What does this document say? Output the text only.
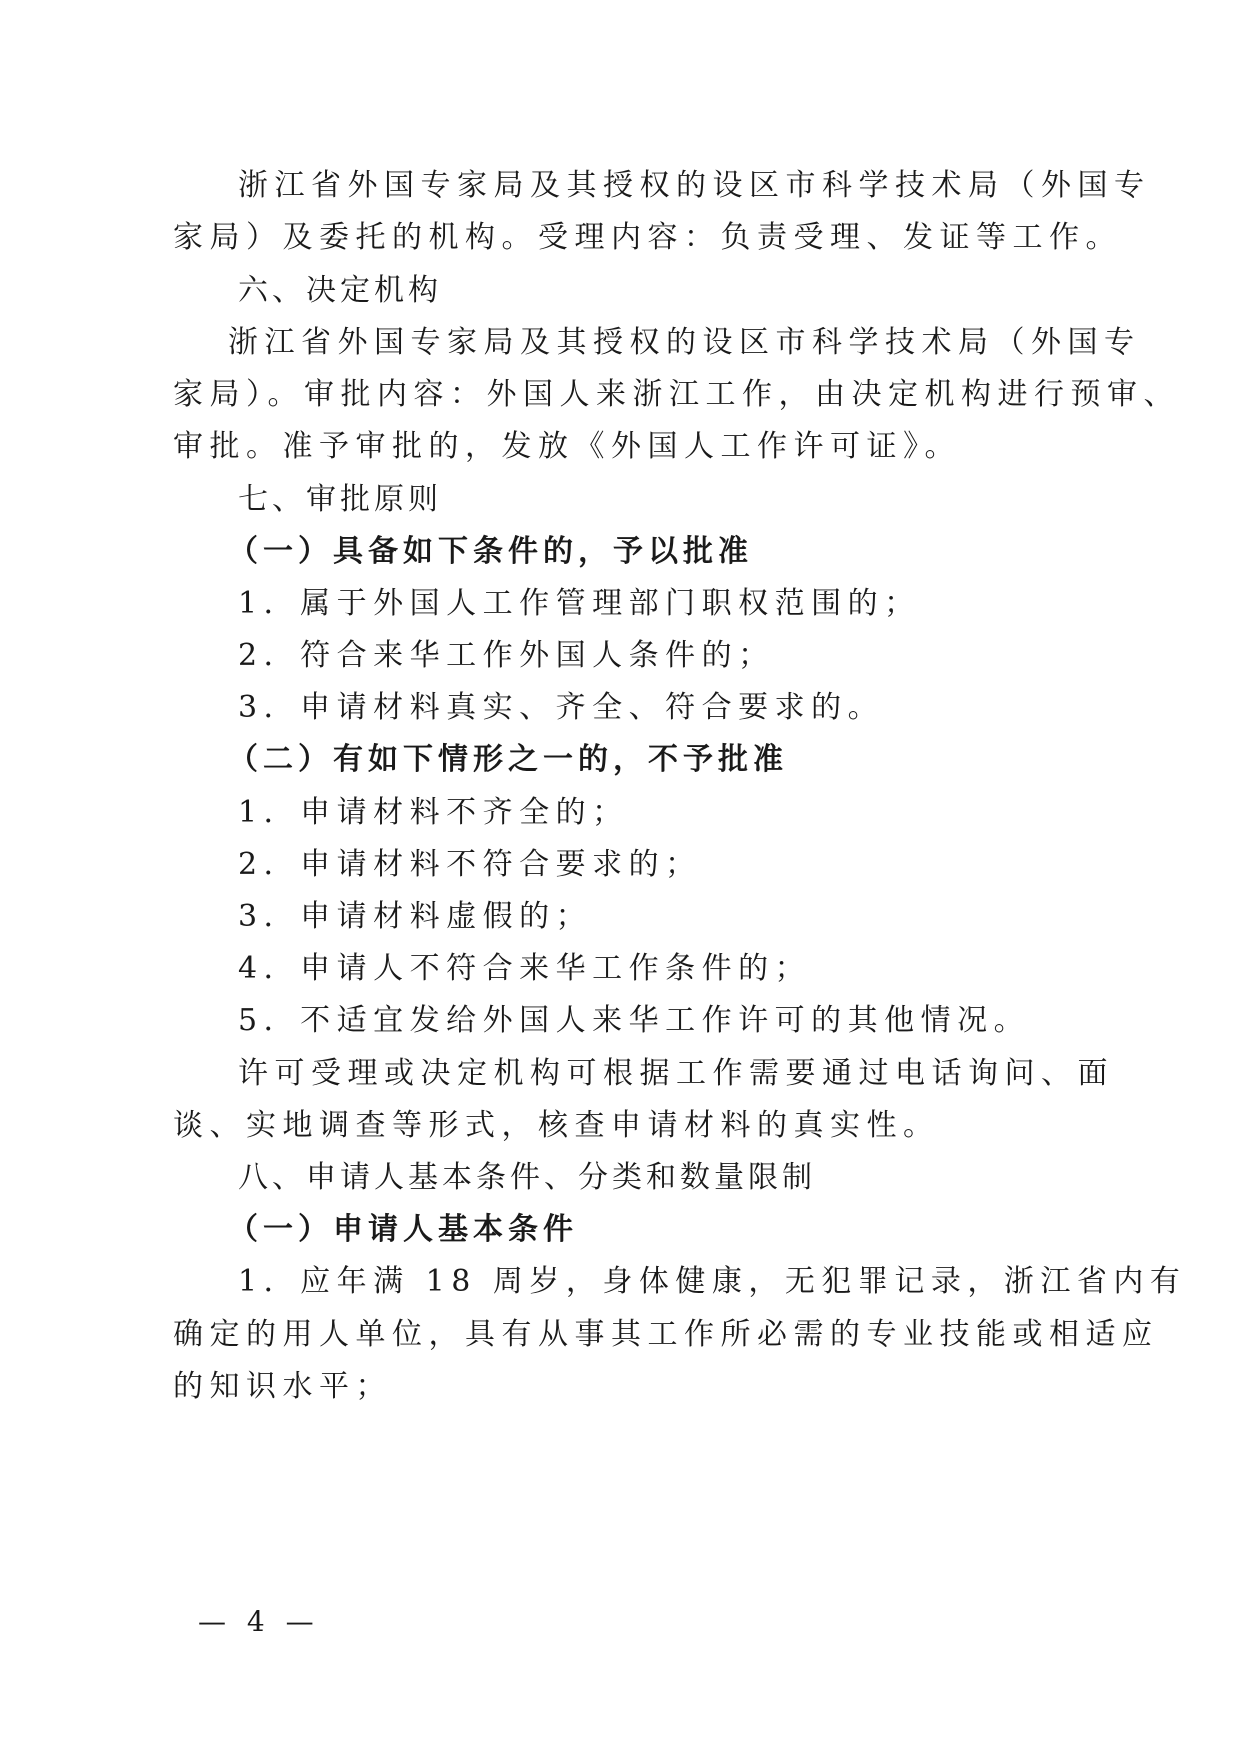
浙江省外国专家局及其授权的设区市科学技术局（外国专
家局）及委托的机构。受理内容：负责受理、发证等工作。
六、决定机构
浙江省外国专家局及其授权的设区市科学技术局（外国专
家局）。审批内容：外国人来浙江工作，由决定机构进行预审、
审批。准予审批的，发放《外国人工作许可证》。
七、审批原则
（一）具备如下条件的，予以批准
1．属于外国人工作管理部门职权范围的；
2．符合来华工作外国人条件的；
3．申请材料真实、齐全、符合要求的。
（二）有如下情形之一的，不予批准
1．申请材料不齐全的；
2．申请材料不符合要求的；
3．申请材料虚假的；
4．申请人不符合来华工作条件的；
5．不适宜发给外国人来华工作许可的其他情况。
许可受理或决定机构可根据工作需要通过电话询问、面
谈、实地调查等形式，核查申请材料的真实性。
八、申请人基本条件、分类和数量限制
（一）申请人基本条件
1．应年满 18 周岁，身体健康，无犯罪记录，浙江省内有
确定的用人单位，具有从事其工作所必需的专业技能或相适应
的知识水平；
— 4 —
